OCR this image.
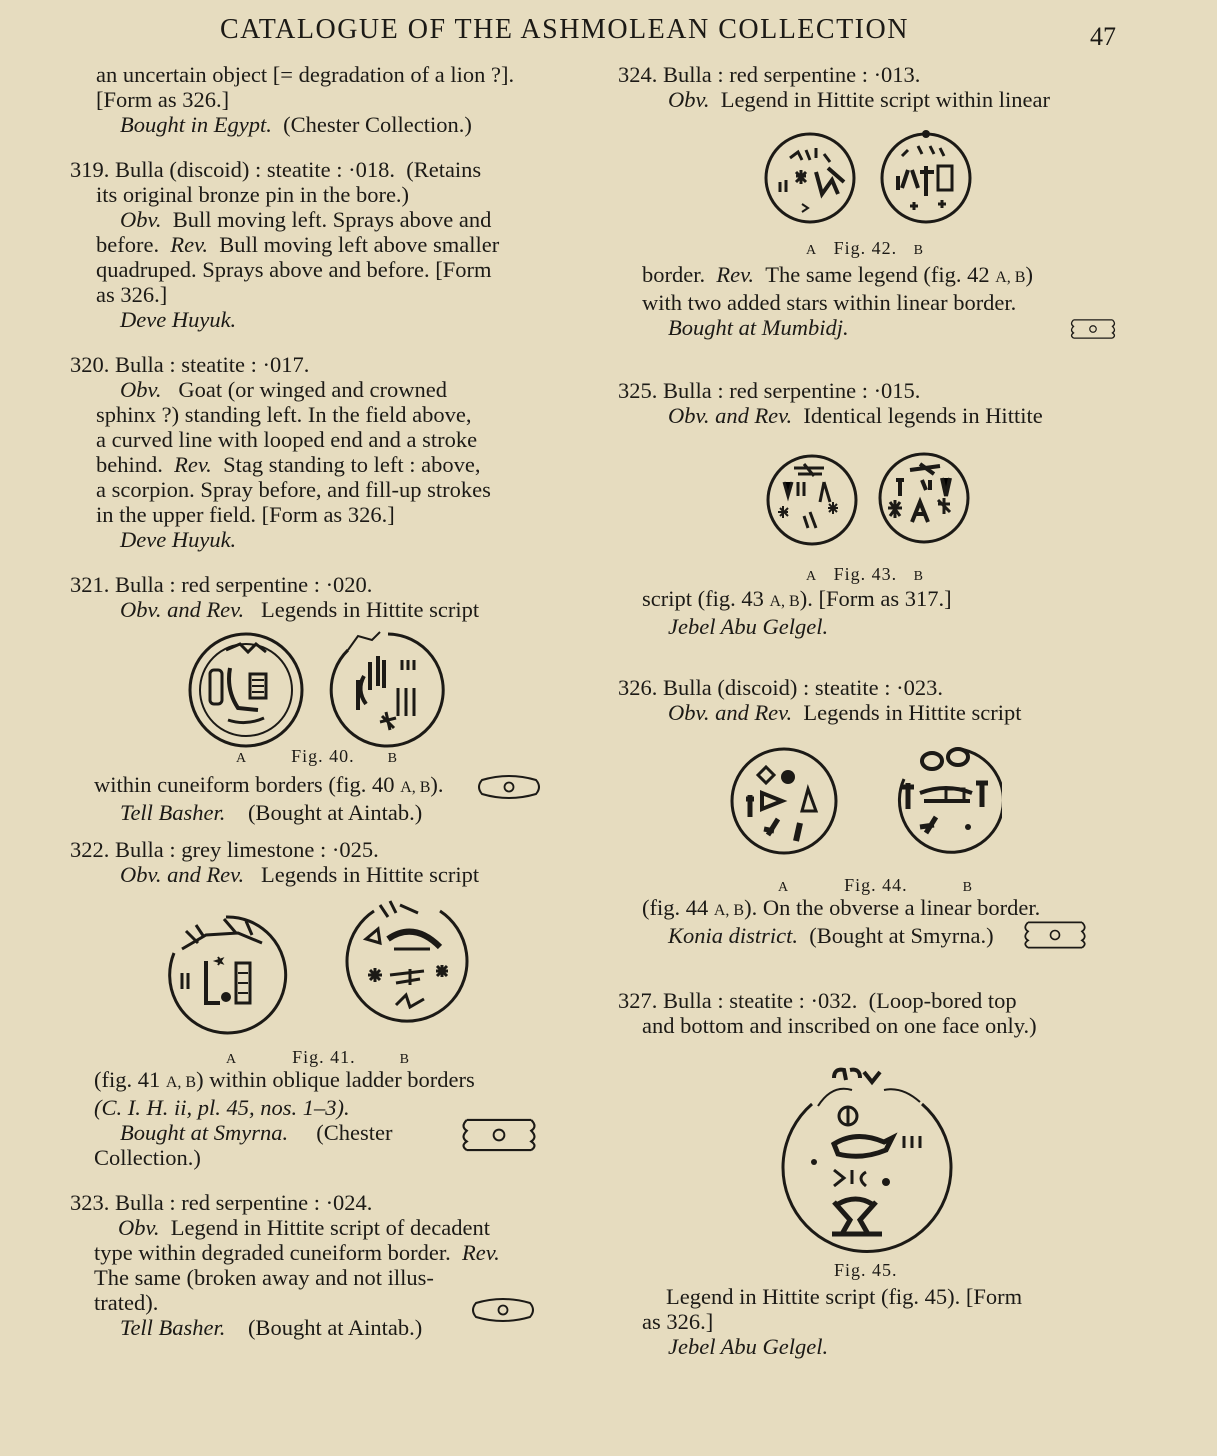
CATALOGUE OF THE ASHMOLEAN COLLECTION	47

an uncertain object [= degradation of a lion ?].

[Form as 326.]

Bought in Egypt. (Chester Collection.)

319. Bulla (discoid) : steatite : ·018. (Retains

its original bronze pin in the bore.)

Obv. Bull moving left. Sprays above and

before. Rev. Bull moving left above smaller

quadruped. Sprays above and before. [Form

as 326.]

Deve Huyuk.

320. Bulla : steatite : ·017.

Obv. Goat (or winged and crowned

sphinx ?) standing left. In the field above,

a curved line with looped end and a stroke

behind. Rev. Stag standing to left : above,

a scorpion. Spray before, and fill-up strokes

in the upper field. [Form as 326.]

Deve Huyuk.

321. Bulla : red serpentine : ·020.

Obv. and Rev. Legends in Hittite script

A Fig. 40. B

within cuneiform borders (fig. 40 A, B).

Tell Basher. (Bought at Aintab.)

322. Bulla : grey limestone : ·025.

Obv. and Rev. Legends in Hittite script

A	Fig. 41.	B

(fig. 41 A, B) within oblique ladder borders

(C. I. H. ii, pl. 45, nos. 1–3).

Bought at Smyrna. (Chester

Collection.)

323. Bulla : red serpentine : ·024.

Obv. Legend in Hittite script of decadent

type within degraded cuneiform border. Rev.

The same (broken away and not illus-

trated).

Tell Basher. (Bought at Aintab.)

324. Bulla : red serpentine : ·013.

Obv. Legend in Hittite script within linear

A Fig. 42. B

border. Rev. The same legend (fig. 42 A, B)

with two added stars within linear border.

Bought at Mumbidj.

325. Bulla : red serpentine : ·015.

Obv. and Rev. Identical legends in Hittite

A Fig. 43. B

script (fig. 43 A, B). [Form as 317.]

Jebel Abu Gelgel.

326. Bulla (discoid) : steatite : ·023.

Obv. and Rev. Legends in Hittite script

A	Fig. 44.	B

(fig. 44 A, B). On the obverse a linear border.

Konia district. (Bought at Smyrna.)

327. Bulla : steatite : ·032. (Loop-bored top

and bottom and inscribed on one face only.)

Fig. 45.

Legend in Hittite script (fig. 45). [Form

as 326.]

Jebel Abu Gelgel.
